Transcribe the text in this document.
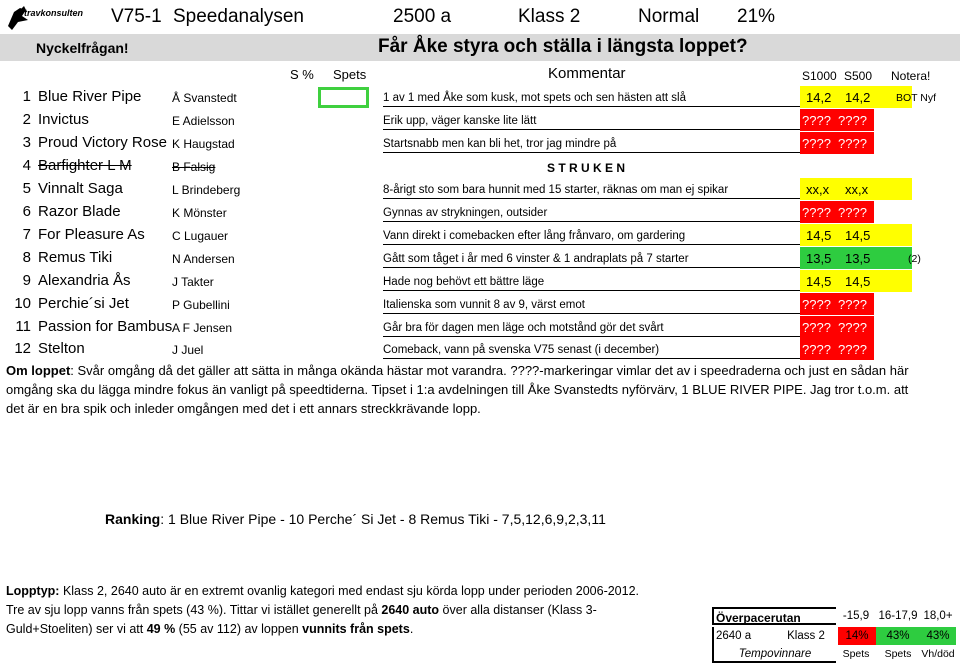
travkonsulten V75-1 Speedanalysen	2500 a	Klass 2	Normal 21%
Nyckelfrågan!	Får Åke styra och ställa i längsta loppet?
S % Spets	Kommentar	S1000 S500 Notera!
1 Blue River Pipe	Å Svanstedt	1 av 1 med Åke som kusk, mot spets och sen hästen att slå	14,2 14,2 BOT Nyf
2 Invictus	E Adielsson	Erik upp, väger kanske lite lätt	???? ????
3 Proud Victory Rose K Haugstad	Startsnabb men kan bli het, tror jag mindre på	???? ????
4 Barfighter L M	B Falsig	S T R U K E N
5 Vinnalt Saga	L Brindeberg	8-årigt sto som bara hunnit med 15 starter, räknas om man ej spikar	xx,x xx,x
6 Razor Blade	K Mönster	Gynnas av strykningen, outsider	???? ????
7 For Pleasure As C Lugauer	Vann direkt i comebacken efter lång frånvaro, om gardering	14,5 14,5
8 Remus Tiki	N Andersen	Gått som tåget i år med 6 vinster & 1 andraplats på 7 starter	13,5 13,5	(2)
9 Alexandria Ås	J Takter	Hade nog behövt ett bättre läge	14,5 14,5
10 Perchie´si Jet	P Gubellini	Italienska som vunnit 8 av 9, värst emot	???? ????
11 Passion for Bambus A F Jensen	Går bra för dagen men läge och motstånd gör det svårt	???? ????
12 Stelton	J Juel	Comeback, vann på svenska V75 senast (i december)	???? ????
Om loppet: Svår omgång då det gäller att sätta in många okända hästar mot varandra. ????-markeringar vimlar det av i speedraderna och just en sådan här
omgång ska du lägga mindre fokus än vanligt på speedtiderna. Tipset i 1:a avdelningen till Åke Svanstedts nyförvärv, 1 BLUE RIVER PIPE. Jag tror t.o.m. att
det är en bra spik och inleder omgången med det i ett annars streckkrävande lopp.
Ranking: 1 Blue River Pipe - 10 Perche´ Si Jet - 8 Remus Tiki - 7,5,12,6,9,2,3,11
Lopptyp: Klass 2, 2640 auto är en extremt ovanlig kategori med endast sju körda lopp under perioden 2006-2012.
Tre av sju lopp vanns från spets (43 %). Tittar vi istället generellt på 2640 auto över alla distanser (Klass 3-
Guld+Stoeliten) ser vi att 49 % (55 av 112) av loppen vunnits från spets.
Överpacerutan	-15,9 16-17,9 18,0+
2640 a	Klass 2	14%	43%	43%
Tempovinnare	Spets	Spets Vh/död
